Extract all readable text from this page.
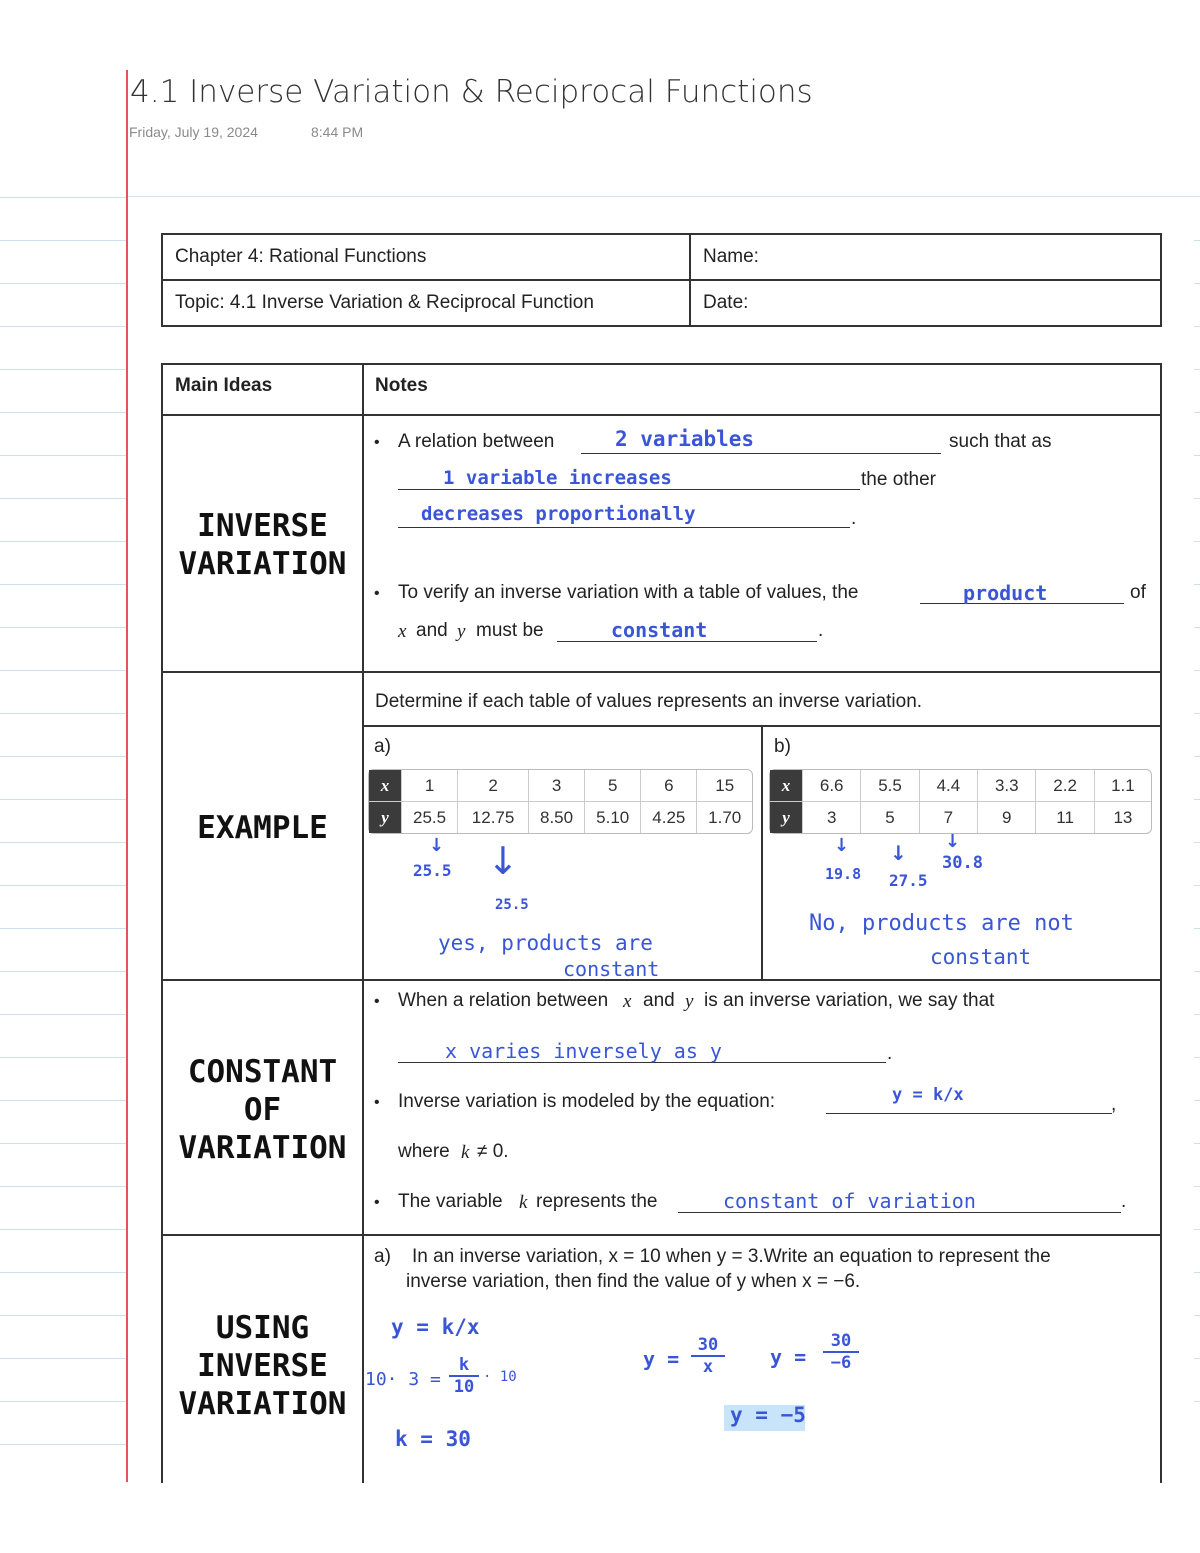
4.1 Inverse Variation & Reciprocal Functions
Friday, July 19, 2024	8:44 PM
Chapter 4: Rational Functions	Name:
Topic: 4.1 Inverse Variation & Reciprocal Function	Date:
Main Ideas	Notes
INVERSE
VARIATION
• A relation between	2 variables	such that as
1 variable increases	the other
decreases proportionally	.
• To verify an inverse variation with a table of values, the	product	of
x and y must be	constant	.
EXAMPLE
Determine if each table of values represents an inverse variation.
a)	b)
x	1	2	3	5	6	15
y	25.5	12.75	8.50	5.10	4.25	1.70
x	6.6	5.5	4.4	3.3	2.2	1.1
y	3	5	7	9	11	13
↓
25.5 ↓
25.5
yes, products are
constant
↓
19.8
↓
27.5
↓
30.8
No, products are not
constant
CONSTANT
OF
VARIATION
• When a relation between x and y is an inverse variation, we say that
x varies inversely as y	.
• Inverse variation is modeled by the equation:	y = k/x	,
where k ≠ 0.
• The variable k represents the	constant of variation	.
USING
INVERSE
VARIATION
a) In an inverse variation, x = 10 when y = 3.Write an equation to represent the
inverse variation, then find the value of y when x = −6.
y = k/x
10· 3 =
k
10 · 10
k = 30
y =
30
x	y =
30
−6
y = −5
